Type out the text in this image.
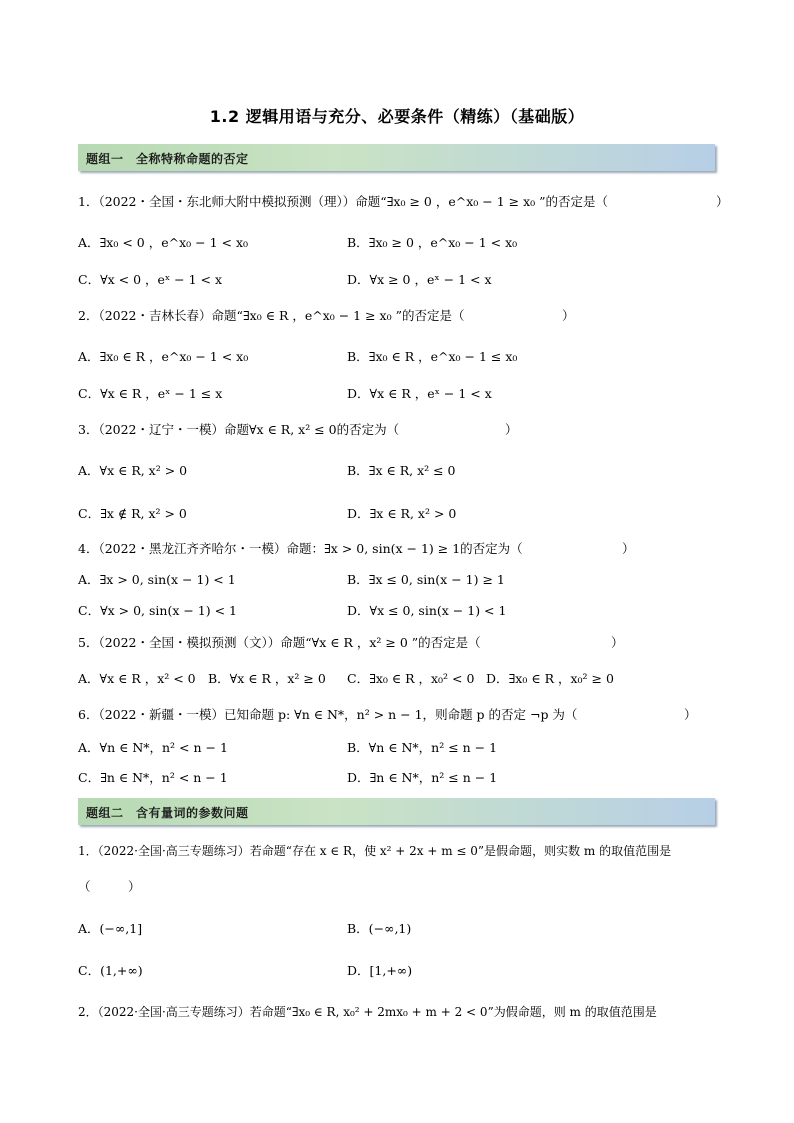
1.2 逻辑用语与充分、必要条件（精练）（基础版）
题组一　全称特称命题的否定
1．（2022・全国・东北师大附中模拟预测（理））命题“∃x₀ ≥ 0 ，e^x₀ − 1 ≥ x₀ ”的否定是（	）
A．∃x₀ < 0 ，e^x₀ − 1 < x₀	B．∃x₀ ≥ 0 ，e^x₀ − 1 < x₀
C．∀x < 0 ，eˣ − 1 < x	D．∀x ≥ 0 ，eˣ − 1 < x
2．（2022・吉林长春）命题“∃x₀ ∈ R ，e^x₀ − 1 ≥ x₀ ”的否定是（	）
A．∃x₀ ∈ R ，e^x₀ − 1 < x₀	B．∃x₀ ∈ R ，e^x₀ − 1 ≤ x₀
C．∀x ∈ R ，eˣ − 1 ≤ x	D．∀x ∈ R ，eˣ − 1 < x
3．（2022・辽宁・一模）命题∀x ∈ R, x² ≤ 0的否定为（	）
A．∀x ∈ R, x² > 0	B．∃x ∈ R, x² ≤ 0
C．∃x ∉ R, x² > 0	D．∃x ∈ R, x² > 0
4．（2022・黑龙江齐齐哈尔・一模）命题：∃x > 0, sin(x − 1) ≥ 1的否定为（	）
A．∃x > 0, sin(x − 1) < 1	B．∃x ≤ 0, sin(x − 1) ≥ 1
C．∀x > 0, sin(x − 1) < 1	D．∀x ≤ 0, sin(x − 1) < 1
5．（2022・全国・模拟预测（文））命题“∀x ∈ R ，x² ≥ 0 ”的否定是（	）
A．∀x ∈ R ，x² < 0 B．∀x ∈ R ，x² ≥ 0 C．∃x₀ ∈ R ，x₀² < 0 D．∃x₀ ∈ R ，x₀² ≥ 0
6．（2022・新疆・一模）已知命题 p: ∀n ∈ N*，n² > n − 1，则命题 p 的否定 ¬p 为（	）
A．∀n ∈ N*，n² < n − 1	B．∀n ∈ N*，n² ≤ n − 1
C．∃n ∈ N*，n² < n − 1	D．∃n ∈ N*，n² ≤ n − 1
题组二　含有量词的参数问题
1．（2022·全国·高三专题练习）若命题“存在 x ∈ R，使 x² + 2x + m ≤ 0”是假命题，则实数 m 的取值范围是
（　　　）
A．(−∞,1]	B．(−∞,1)
C．(1,+∞)	D．[1,+∞)
2．（2022·全国·高三专题练习）若命题“∃x₀ ∈ R, x₀² + 2mx₀ + m + 2 < 0”为假命题，则 m 的取值范围是
